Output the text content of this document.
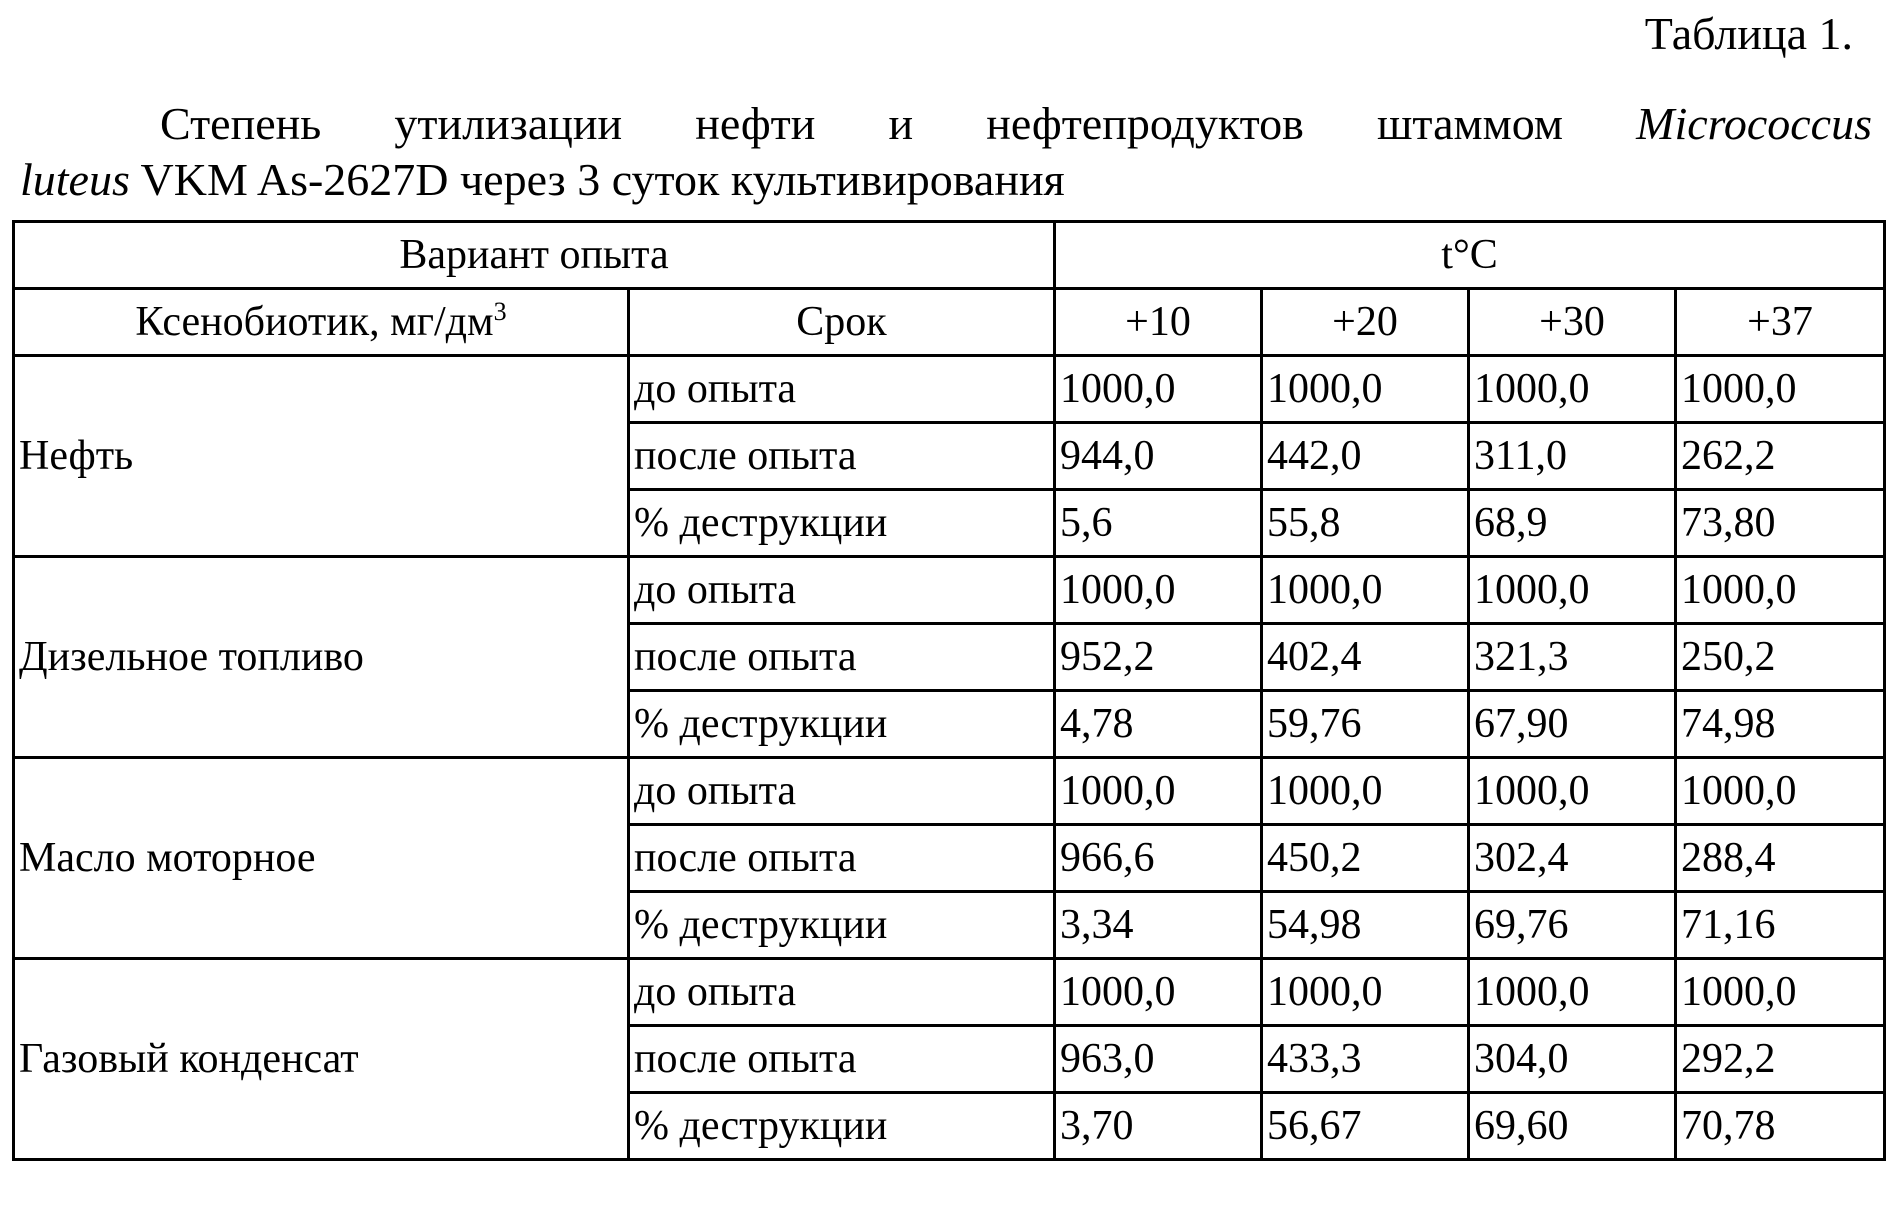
Таблица 1.
Степень утилизации нефти и нефтепродуктов штаммом Micrococcus
luteus VKM As-2627D через 3 суток культивирования
Вариант опыта		t°C			
Ксенобиотик, $мг/дм^3$	Срок	+10	+20	+30	+37
Нефть	до опыта	1000,0	1000,0	1000,0	1000,0
	после опыта	944,0	442,0	311,0	262,2
	% деструкции	5,6	55,8	68,9	73,80
Дизельное топливо	до опыта	1000,0	1000,0	1000,0	1000,0
	после опыта	952,2	402,4	321,3	250,2
	% деструкции	4,78	59,76	67,90	74,98
Масло моторное	до опыта	1000,0	1000,0	1000,0	1000,0
	после опыта	966,6	450,2	302,4	288,4
	% деструкции	3,34	54,98	69,76	71,16
Газовый конденсат	до опыта	1000,0	1000,0	1000,0	1000,0
	после опыта	963,0	433,3	304,0	292,2
	% деструкции	3,70	56,67	69,60	70,78
